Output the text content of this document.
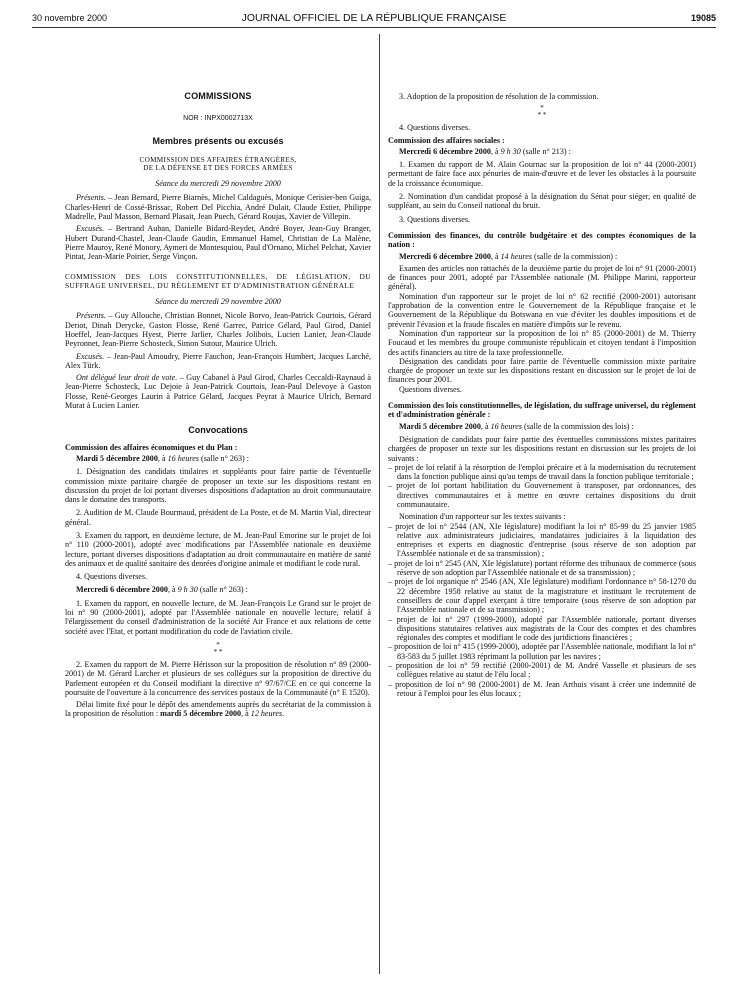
30 novembre 2000	JOURNAL OFFICIEL DE LA RÉPUBLIQUE FRANÇAISE	19085

COMMISSIONS

NOR : INPX0002713X

Membres présents ou excusés

COMMISSION DES AFFAIRES ÉTRANGÈRES,

DE LA DÉFENSE ET DES FORCES ARMÉES

Séance du mercredi 29 novembre 2000

Présents. – Jean Bernard, Pierre Biarnès, Michel Caldaguès, Monique Cerisier-ben Guiga, Charles-Henri de Cossé-Brissac, Robert Del Picchia, André Dulait, Claude Estier, Philippe Madrelle, Paul Masson, Bernard Plasait, Jean Puech, Gérard Roujas, Xavier de Villepin.

Excusés. – Bertrand Auban, Danielle Bidard-Reydet, André Boyer, Jean-Guy Branger, Hubert Durand-Chastel, Jean-Claude Gaudin, Emmanuel Hamel, Christian de La Malène, Pierre Mauroy, René Monory, Aymeri de Montesquiou, Paul d'Ornano, Michel Pelchat, Xavier Pintat, Jean-Marie Poirier, Serge Vinçon.

COMMISSION DES LOIS CONSTITUTIONNELLES, DE LÉGISLATION, DU SUFFRAGE UNIVERSEL, DU RÈGLEMENT ET D'ADMINISTRATION GÉNÉRALE

Séance du mercredi 29 novembre 2000

Présents. – Guy Allouche, Christian Bonnet, Nicole Borvo, Jean-Patrick Courtois, Gérard Deriot, Dinah Derycke, Gaston Flosse, René Garrec, Patrice Gélard, Paul Girod, Daniel Hoeffel, Jean-Jacques Hyest, Pierre Jarlier, Charles Jolibois, Lucien Lanier, Jean-Claude Peyronnet, Jean-Pierre Schosteck, Simon Sutour, Maurice Ulrich.

Excusés. – Jean-Paul Amoudry, Pierre Fauchon, Jean-François Humbert, Jacques Larché, Alex Türk.

Ont délégué leur droit de vote. – Guy Cabanel à Paul Girod, Charles Ceccaldi-Raynaud à Jean-Pierre Schosteck, Luc Dejoie à Jean-Patrick Courtois, Jean-Paul Delevoye à Gaston Flosse, René-Georges Laurin à Patrice Gélard, Jacques Peyrat à Maurice Ulrich, Bernard Murat à Lucien Lanier.

Convocations

Commission des affaires économiques et du Plan :

Mardi 5 décembre 2000, à 16 heures (salle n° 263) :

1. Désignation des candidats titulaires et suppléants pour faire partie de l'éventuelle commission mixte paritaire chargée de proposer un texte sur les dispositions restant en discussion du projet de loi portant diverses dispositions d'adaptation au droit communautaire dans le domaine des transports.

2. Audition de M. Claude Bourmaud, président de La Poste, et de M. Martin Vial, directeur général.

3. Examen du rapport, en deuxième lecture, de M. Jean-Paul Emorine sur le projet de loi n° 110 (2000-2001), adopté avec modifications par l'Assemblée nationale en deuxième lecture, portant diverses dispositions d'adaptation au droit communautaire en matière de santé des animaux et de qualité sanitaire des denrées d'origine animale et modifiant le code rural.

4. Questions diverses.

Mercredi 6 décembre 2000, à 9 h 30 (salle n° 263) :

1. Examen du rapport, en nouvelle lecture, de M. Jean-François Le Grand sur le projet de loi n° 90 (2000-2001), adopté par l'Assemblée nationale en nouvelle lecture, relatif à l'élargissement du conseil d'administration de la société Air France et aux relations de cette société avec l'Etat, et portant modification du code de l'aviation civile.

*

* *

2. Examen du rapport de M. Pierre Hérisson sur la proposition de résolution n° 89 (2000-2001) de M. Gérard Larcher et plusieurs de ses collègues sur la proposition de directive du Parlement européen et du Conseil modifiant la directive n° 97/67/CE en ce qui concerne la poursuite de l'ouverture à la concurrence des services postaux de la Communauté (n° E 1520).

Délai limite fixé pour le dépôt des amendements auprès du secrétariat de la commission à la proposition de résolution : mardi 5 décembre 2000, à 12 heures.

3. Adoption de la proposition de résolution de la commission.

*

* *

4. Questions diverses.

Commission des affaires sociales :

Mercredi 6 décembre 2000, à 9 h 30 (salle n° 213) :

1. Examen du rapport de M. Alain Gournac sur la proposition de loi n° 44 (2000-2001) permettant de faire face aux pénuries de main-d'œuvre et de lever les obstacles à la poursuite de la croissance économique.

2. Nomination d'un candidat proposé à la désignation du Sénat pour siéger, en qualité de suppléant, au sein du Conseil national du bruit.

3. Questions diverses.

Commission des finances, du contrôle budgétaire et des comptes économiques de la nation :

Mercredi 6 décembre 2000, à 14 heures (salle de la commission) :

Examen des articles non rattachés de la deuxième partie du projet de loi n° 91 (2000-2001) de finances pour 2001, adopté par l'Assemblée nationale (M. Philippe Marini, rapporteur général).

Nomination d'un rapporteur sur le projet de loi n° 62 rectifié (2000-2001) autorisant l'approbation de la convention entre le Gouvernement de la République française et le Gouvernement de la République du Botswana en vue d'éviter les doubles impositions et de prévenir l'évasion et la fraude fiscales en matière d'impôts sur le revenu.

Nomination d'un rapporteur sur la proposition de loi n° 85 (2000-2001) de M. Thierry Foucaud et les membres du groupe communiste républicain et citoyen tendant à l'imposition des actifs financiers au titre de la taxe professionnelle.

Désignation des candidats pour faire partie de l'éventuelle commission mixte paritaire chargée de proposer un texte sur les dispositions restant en discussion sur le projet de loi de finances pour 2001.

Questions diverses.

Commission des lois constitutionnelles, de législation, du suffrage universel, du règlement et d'administration générale :

Mardi 5 décembre 2000, à 16 heures (salle de la commission des lois) :

Désignation de candidats pour faire partie des éventuelles commissions mixtes paritaires chargées de proposer un texte sur les dispositions restant en discussion sur les projets de loi suivants :

– projet de loi relatif à la résorption de l'emploi précaire et à la modernisation du recrutement dans la fonction publique ainsi qu'au temps de travail dans la fonction publique territoriale ;

– projet de loi portant habilitation du Gouvernement à transposer, par ordonnances, des directives communautaires et à mettre en œuvre certaines dispositions du droit communautaire.

Nomination d'un rapporteur sur les textes suivants :

– projet de loi n° 2544 (AN, XIe législature) modifiant la loi n° 85-99 du 25 janvier 1985 relative aux administrateurs judiciaires, mandataires judiciaires à la liquidation des entreprises et experts en diagnostic d'entreprise (sous réserve de son adoption par l'Assemblée nationale et de sa transmission) ;

– projet de loi n° 2545 (AN, XIe législature) portant réforme des tribunaux de commerce (sous réserve de son adoption par l'Assemblée nationale et de sa transmission) ;

– projet de loi organique n° 2546 (AN, XIe législature) modifiant l'ordonnance n° 58-1270 du 22 décembre 1958 relative au statut de la magistrature et instituant le recrutement de conseillers de cour d'appel exerçant à titre temporaire (sous réserve de son adoption par l'Assemblée nationale et de sa transmission) ;

– projet de loi n° 297 (1999-2000), adopté par l'Assemblée nationale, portant diverses dispositions statutaires relatives aux magistrats de la Cour des comptes et des chambres régionales des comptes et modifiant le code des juridictions financières ;

– proposition de loi n° 415 (1999-2000), adoptée par l'Assemblée nationale, modifiant la loi n° 83-583 du 5 juillet 1983 réprimant la pollution par les navires ;

– proposition de loi n° 59 rectifié (2000-2001) de M. André Vasselle et plusieurs de ses collègues relative au statut de l'élu local ;

– proposition de loi n° 98 (2000-2001) de M. Jean Arthuis visant à créer une indemnité de retour à l'emploi pour les élus locaux ;
